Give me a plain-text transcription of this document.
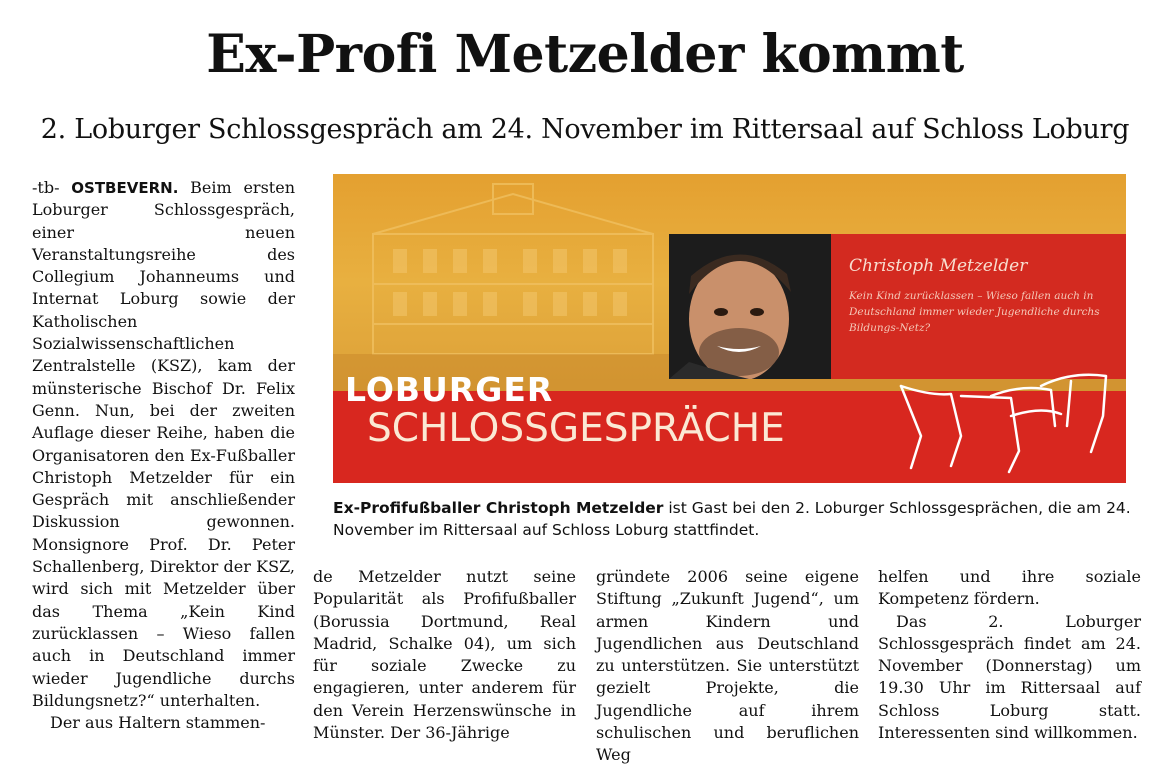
Ex-Profi Metzelder kommt
2. Loburger Schlossgespräch am 24. November im Rittersaal auf Schloss Loburg

-tb- OSTBEVERN. Beim ersten Loburger Schlossgespräch, einer neuen Veranstaltungsreihe des Collegium Johanneums und Internat Loburg sowie der Katholischen Sozialwissenschaftlichen Zentralstelle (KSZ), kam der münsterische Bischof Dr. Felix Genn. Nun, bei der zweiten Auflage dieser Reihe, haben die Organisatoren den Ex-Fußballer Christoph Metzelder für ein Gespräch mit anschließender Diskussion gewonnen. Monsignore Prof. Dr. Peter Schallenberg, Direktor der KSZ, wird sich mit Metzelder über das Thema „Kein Kind zurücklassen – Wieso fallen auch in Deutschland immer wieder Jugendliche durchs Bildungsnetz?“ unterhalten.

Der aus Haltern stammen-

Christoph Metzelder
Kein Kind zurücklassen – Wieso fallen auch in Deutschland immer wieder Jugendliche durchs Bildungs-Netz?
LOBURGER
SCHLOSSGESPRÄCHE
Ex-Profifußballer Christoph Metzelder ist Gast bei den 2. Loburger Schlossgesprächen, die am 24. November im Rittersaal auf Schloss Loburg stattfindet.

de Metzelder nutzt seine Popularität als Profifußballer (Borussia Dortmund, Real Madrid, Schalke 04), um sich für soziale Zwecke zu engagieren, unter anderem für den Verein Herzenswünsche in Münster. Der 36-Jährige

gründete 2006 seine eigene Stiftung „Zukunft Jugend“, um armen Kindern und Jugendlichen aus Deutschland zu unterstützen. Sie unterstützt gezielt Projekte, die Jugendliche auf ihrem schulischen und beruflichen Weg

helfen und ihre soziale Kompetenz fördern.

Das 2. Loburger Schlossgespräch findet am 24. November (Donnerstag) um 19.30 Uhr im Rittersaal auf Schloss Loburg statt. Interessenten sind willkommen.
